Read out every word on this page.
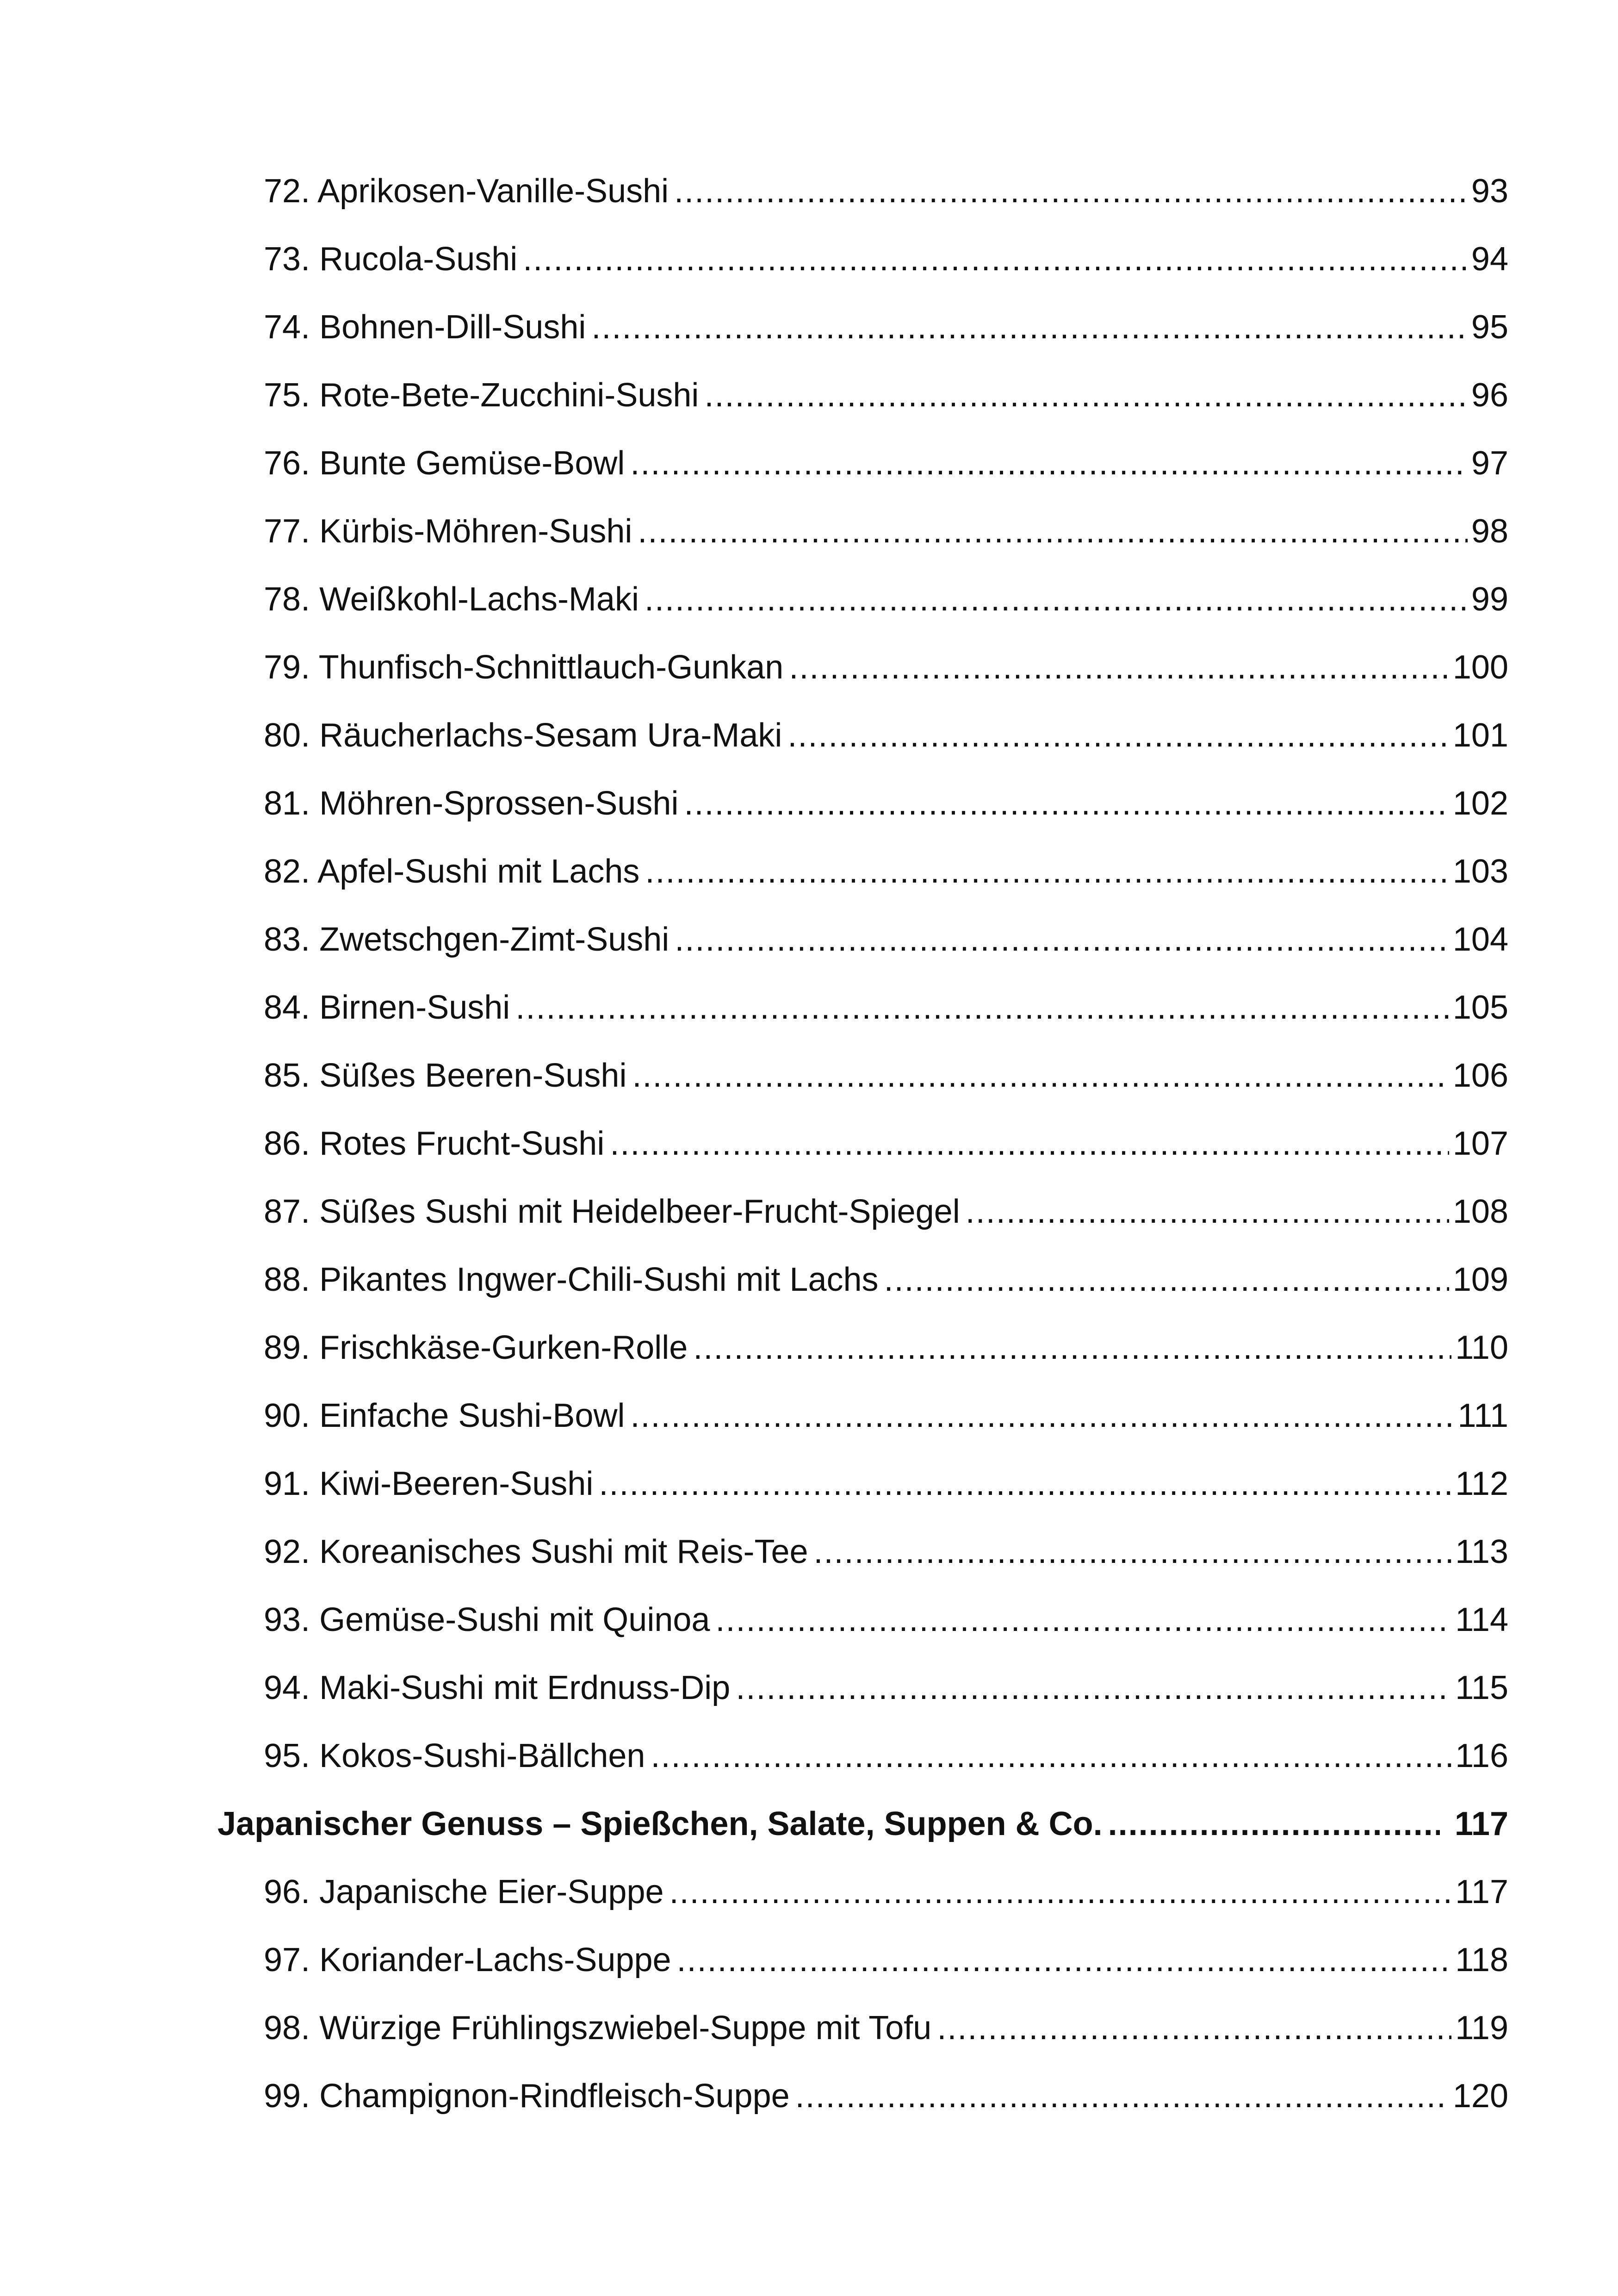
72. Aprikosen-Vanille-Sushi .....	93
73. Rucola-Sushi .....	94
74. Bohnen-Dill-Sushi .....	95
75. Rote-Bete-Zucchini-Sushi .....	96
76. Bunte Gemüse-Bowl .....	97
77. Kürbis-Möhren-Sushi .....	98
78. Weißkohl-Lachs-Maki .....	99
79. Thunfisch-Schnittlauch-Gunkan .....	100
80. Räucherlachs-Sesam Ura-Maki .....	101
81. Möhren-Sprossen-Sushi .....	102
82. Apfel-Sushi mit Lachs .....	103
83. Zwetschgen-Zimt-Sushi .....	104
84. Birnen-Sushi .....	105
85. Süßes Beeren-Sushi .....	106
86. Rotes Frucht-Sushi .....	107
87. Süßes Sushi mit Heidelbeer-Frucht-Spiegel .....	108
88. Pikantes Ingwer-Chili-Sushi mit Lachs .....	109
89. Frischkäse-Gurken-Rolle .....	110
90. Einfache Sushi-Bowl .....	111
91. Kiwi-Beeren-Sushi .....	112
92. Koreanisches Sushi mit Reis-Tee .....	113
93. Gemüse-Sushi mit Quinoa .....	114
94. Maki-Sushi mit Erdnuss-Dip .....	115
95. Kokos-Sushi-Bällchen .....	116
Japanischer Genuss – Spießchen, Salate, Suppen & Co. .....	117
96. Japanische Eier-Suppe .....	117
97. Koriander-Lachs-Suppe .....	118
98. Würzige Frühlingszwiebel-Suppe mit Tofu .....	119
99. Champignon-Rindfleisch-Suppe .....	120
